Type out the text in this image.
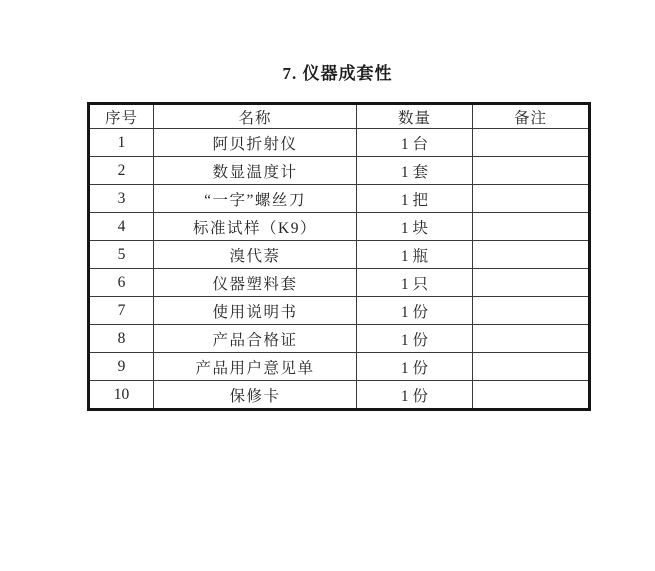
7. 仪器成套性
序号	名称	数量	备注
1	阿贝折射仪	1 台	
2	数显温度计	1 套	
3	“一字”螺丝刀	1 把	
4	标准试样（K9）	1 块	
5	溴代萘	1 瓶	
6	仪器塑料套	1 只	
7	使用说明书	1 份	
8	产品合格证	1 份	
9	产品用户意见单	1 份	
10	保修卡	1 份	
